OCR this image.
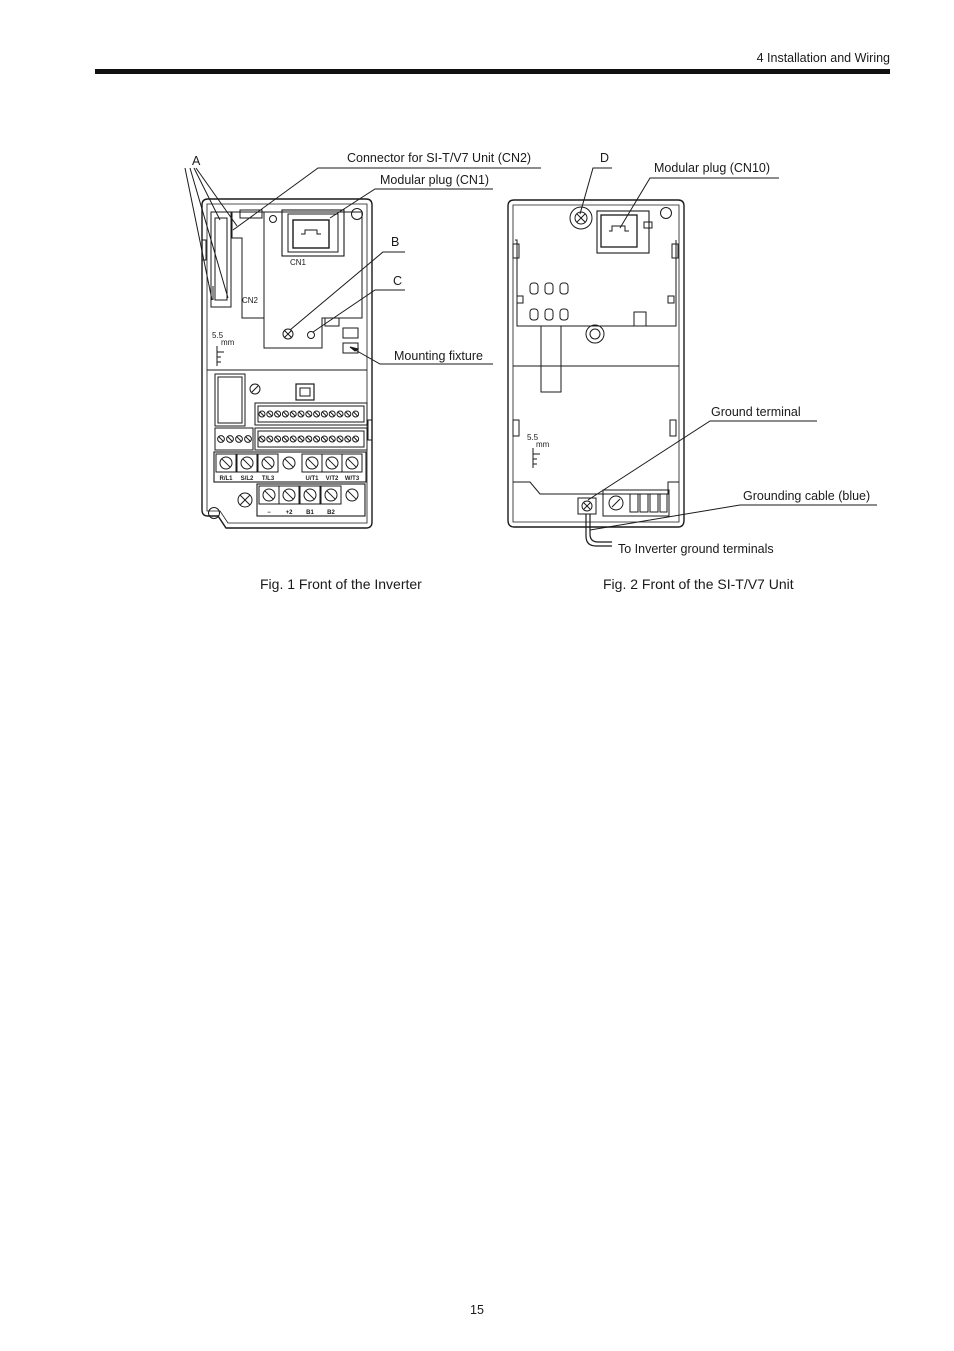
4 Installation and Wiring
A	Connector for SI-T/V7 Unit (CN2)
Modular plug (CN1)
B
C
Mounting fixture
CN1
CN2
5.5
mm
R/L1 S/L2 T/L3	U/T1 V/T2 W/T3
− +2 B1 B2
D
Modular plug (CN10)
Ground terminal
Grounding cable (blue)
To Inverter ground terminals
5.5
mm
Fig. 1 Front of the Inverter	Fig. 2 Front of the SI-T/V7 Unit
15
